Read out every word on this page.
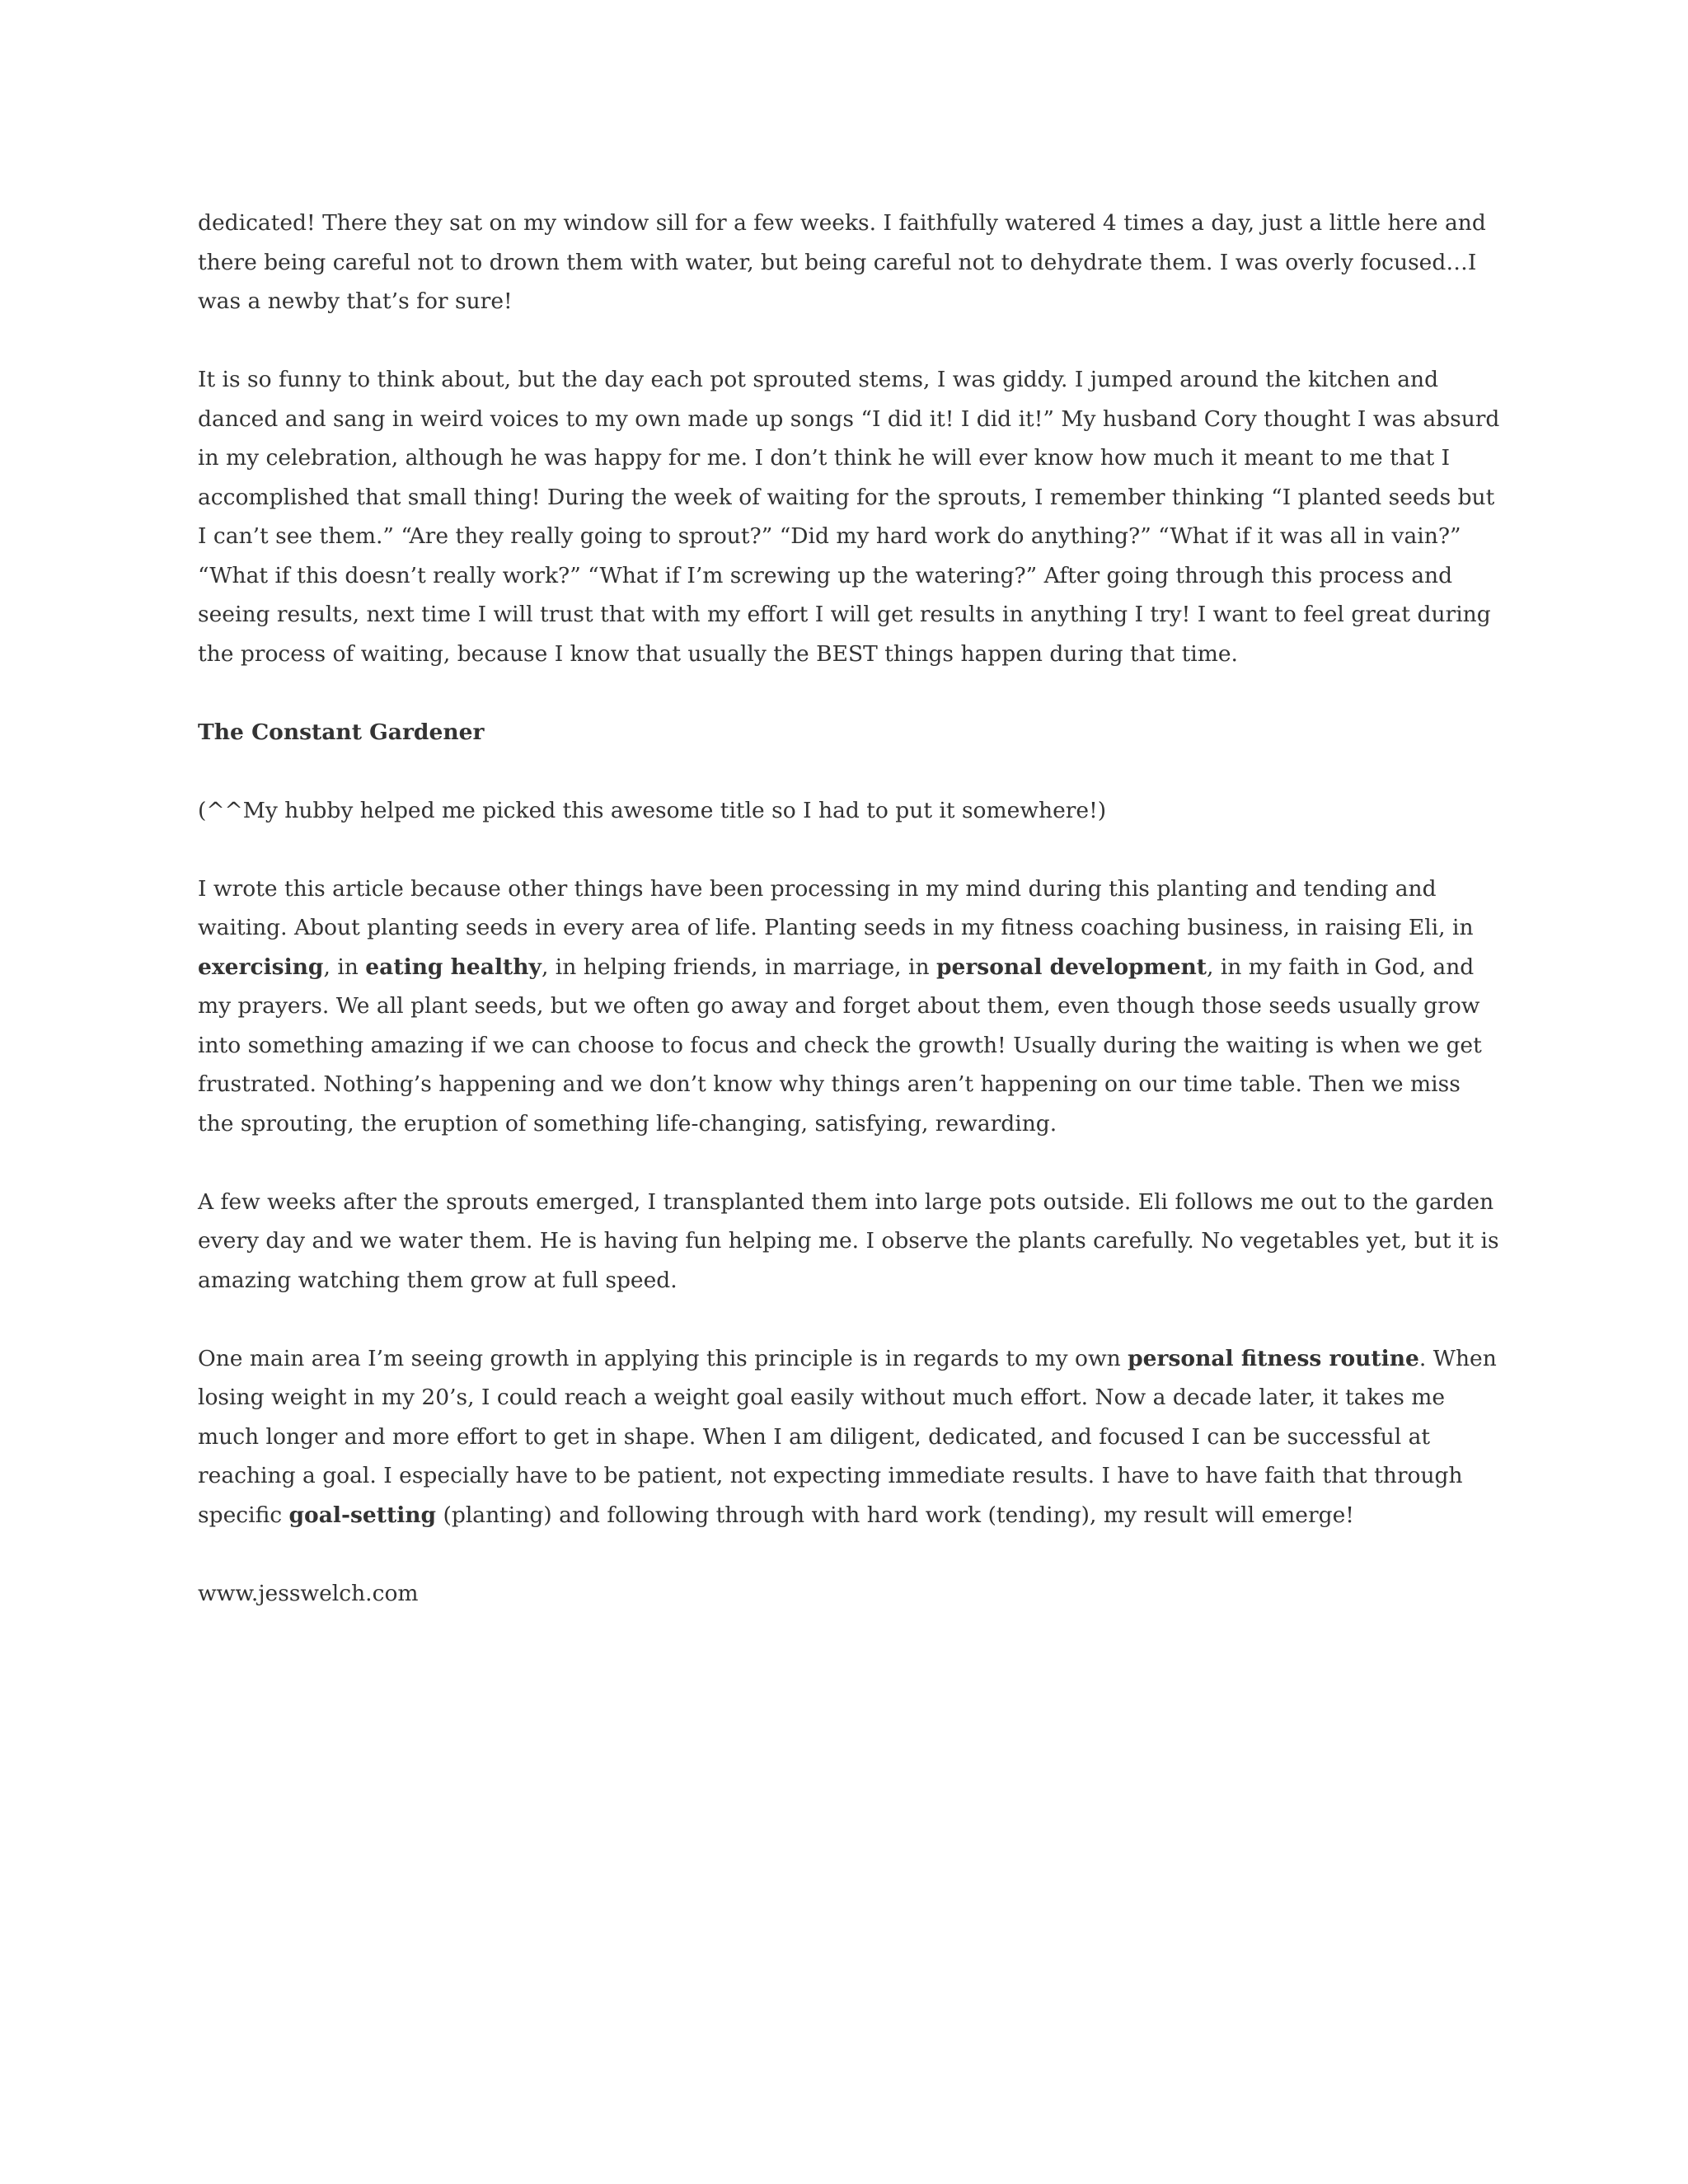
dedicated! There they sat on my window sill for a few weeks. I faithfully watered 4 times a day, just a little here and there being careful not to drown them with water, but being careful not to dehydrate them. I was overly focused…I was a newby that’s for sure!

It is so funny to think about, but the day each pot sprouted stems, I was giddy. I jumped around the kitchen and danced and sang in weird voices to my own made up songs “I did it! I did it!” My husband Cory thought I was absurd in my celebration, although he was happy for me. I don’t think he will ever know how much it meant to me that I accomplished that small thing! During the week of waiting for the sprouts, I remember thinking “I planted seeds but I can’t see them.” “Are they really going to sprout?” “Did my hard work do anything?” “What if it was all in vain?” “What if this doesn’t really work?” “What if I’m screwing up the watering?” After going through this process and seeing results, next time I will trust that with my effort I will get results in anything I try! I want to feel great during the process of waiting, because I know that usually the BEST things happen during that time.

The Constant Gardener

(^^My hubby helped me picked this awesome title so I had to put it somewhere!)

I wrote this article because other things have been processing in my mind during this planting and tending and waiting. About planting seeds in every area of life. Planting seeds in my fitness coaching business, in raising Eli, in exercising, in eating healthy, in helping friends, in marriage, in personal development, in my faith in God, and my prayers. We all plant seeds, but we often go away and forget about them, even though those seeds usually grow into something amazing if we can choose to focus and check the growth! Usually during the waiting is when we get frustrated. Nothing’s happening and we don’t know why things aren’t happening on our time table. Then we miss the sprouting, the eruption of something life-changing, satisfying, rewarding.

A few weeks after the sprouts emerged, I transplanted them into large pots outside. Eli follows me out to the garden every day and we water them. He is having fun helping me. I observe the plants carefully. No vegetables yet, but it is amazing watching them grow at full speed.

One main area I’m seeing growth in applying this principle is in regards to my own personal fitness routine. When losing weight in my 20’s, I could reach a weight goal easily without much effort. Now a decade later, it takes me much longer and more effort to get in shape. When I am diligent, dedicated, and focused I can be successful at reaching a goal. I especially have to be patient, not expecting immediate results. I have to have faith that through specific goal-setting (planting) and following through with hard work (tending), my result will emerge!

www.jesswelch.com
